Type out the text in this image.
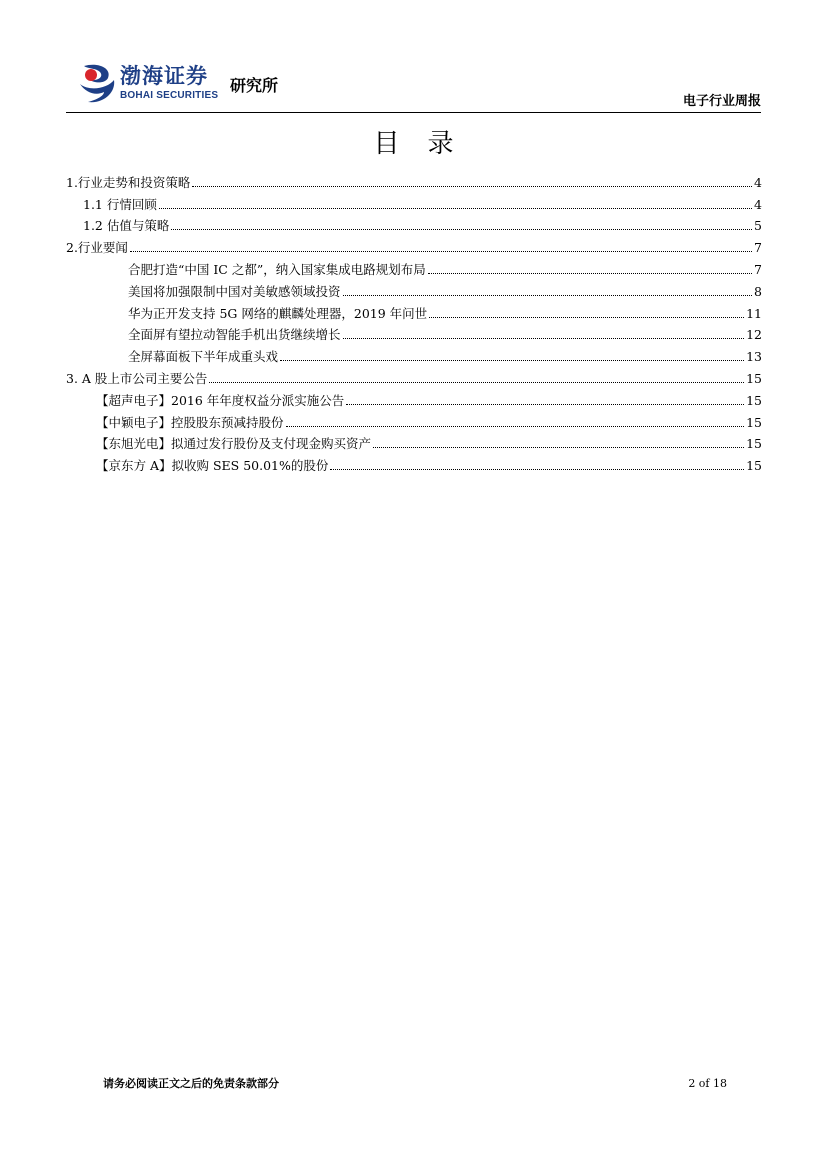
渤海证券
BOHAI SECURITIES
研究所
电子行业周报
目录
1.行业走势和投资策略	4
1.1 行情回顾	4
1.2 估值与策略	5
2.行业要闻	7
合肥打造“中国 IC 之都”，纳入国家集成电路规划布局	7
美国将加强限制中国对美敏感领域投资	8
华为正开发支持 5G 网络的麒麟处理器，2019 年问世	11
全面屏有望拉动智能手机出货继续增长	12
全屏幕面板下半年成重头戏	13
3. A 股上市公司主要公告	15
【超声电子】2016 年年度权益分派实施公告	15
【中颖电子】控股股东预减持股份	15
【东旭光电】拟通过发行股份及支付现金购买资产	15
【京东方 A】拟收购 SES 50.01%的股份	15
请务必阅读正文之后的免责条款部分	2 of 18
